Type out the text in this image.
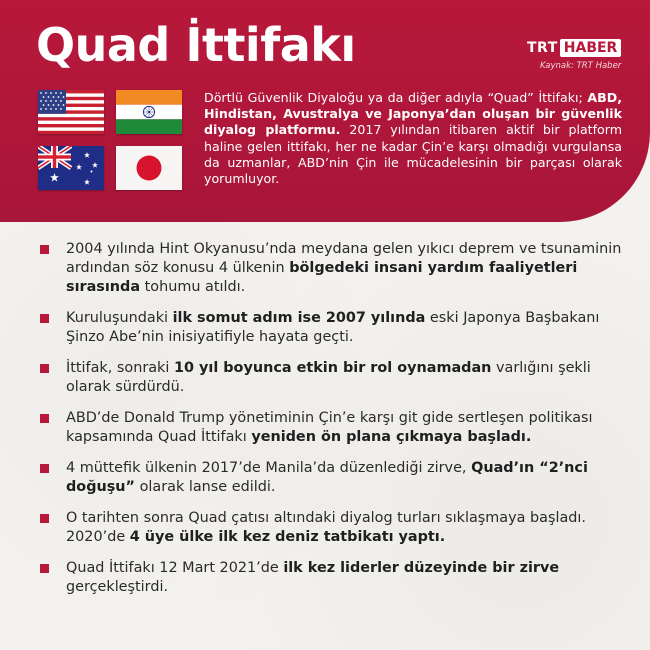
Quad İttifakı	TRT HABER
Kaynak: TRT Haber

Dörtlü Güvenlik Diyaloğu ya da diğer adıyla “Quad” İttifakı; ABD, Hindistan, Avustralya ve Japonya’dan oluşan bir güvenlik diyalog platformu. 2017 yılından itibaren aktif bir platform haline gelen ittifakı, her ne kadar Çin’e karşı olmadığı vurgulansa da uzmanlar, ABD’nin Çin ile mücadelesinin bir parçası olarak yorumluyor.

2004 yılında Hint Okyanusu’nda meydana gelen yıkıcı deprem ve tsunaminin ardından söz konusu 4 ülkenin bölgedeki insani yardım faaliyetleri sırasında tohumu atıldı.
Kuruluşundaki ilk somut adım ise 2007 yılında eski Japonya Başbakanı Şinzo Abe’nin inisiyatifiyle hayata geçti.
İttifak, sonraki 10 yıl boyunca etkin bir rol oynamadan varlığını şekli olarak sürdürdü.
ABD’de Donald Trump yönetiminin Çin’e karşı git gide sertleşen politikası kapsamında Quad İttifakı yeniden ön plana çıkmaya başladı.
4 müttefik ülkenin 2017’de Manila’da düzenlediği zirve, Quad’ın “2’nci doğuşu” olarak lanse edildi.
O tarihten sonra Quad çatısı altındaki diyalog turları sıklaşmaya başladı. 2020’de 4 üye ülke ilk kez deniz tatbikatı yaptı.
Quad İttifakı 12 Mart 2021’de ilk kez liderler düzeyinde bir zirve gerçekleştirdi.
